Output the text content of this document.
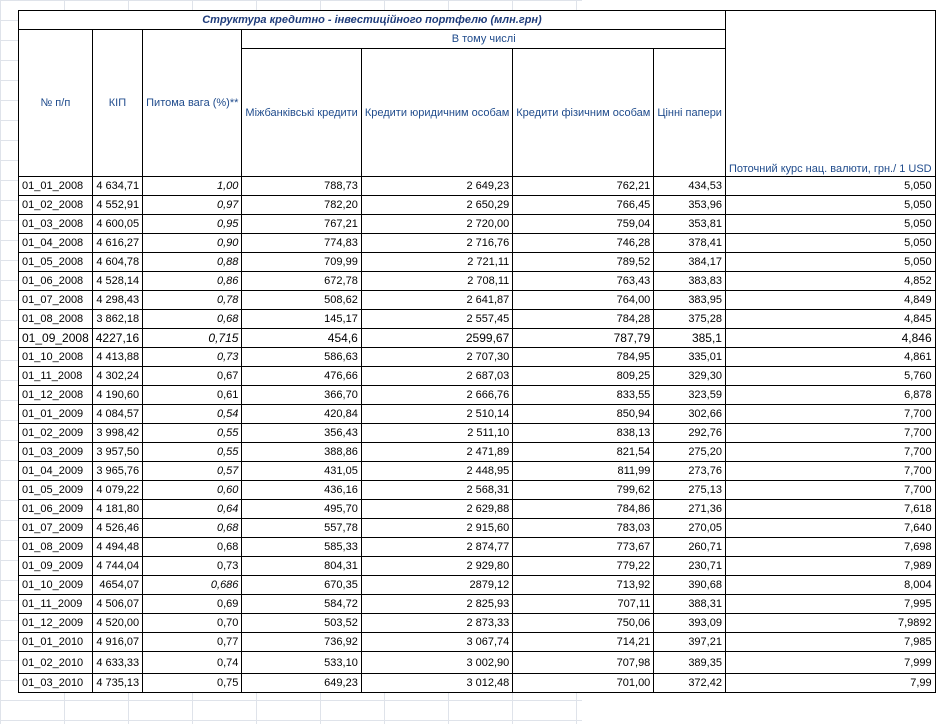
Структура кредитно - інвестиційного портфелю (млн.грн)							Поточний курс нац. валюти, грн./ 1 USD
№ п/п	КІП	Питома вага (%)**	В тому числі				
			Міжбанківські кредити	Кредити юридичним особам	Кредити фізичним особам	Цінні папери	
01_01_2008	4 634,71	1,00	788,73	2 649,23	762,21	434,53	5,050
01_02_2008	4 552,91	0,97	782,20	2 650,29	766,45	353,96	5,050
01_03_2008	4 600,05	0,95	767,21	2 720,00	759,04	353,81	5,050
01_04_2008	4 616,27	0,90	774,83	2 716,76	746,28	378,41	5,050
01_05_2008	4 604,78	0,88	709,99	2 721,11	789,52	384,17	5,050
01_06_2008	4 528,14	0,86	672,78	2 708,11	763,43	383,83	4,852
01_07_2008	4 298,43	0,78	508,62	2 641,87	764,00	383,95	4,849
01_08_2008	3 862,18	0,68	145,17	2 557,45	784,28	375,28	4,845
01_09_2008	4227,16	0,715	454,6	2599,67	787,79	385,1	4,846
01_10_2008	4 413,88	0,73	586,63	2 707,30	784,95	335,01	4,861
01_11_2008	4 302,24	0,67	476,66	2 687,03	809,25	329,30	5,760
01_12_2008	4 190,60	0,61	366,70	2 666,76	833,55	323,59	6,878
01_01_2009	4 084,57	0,54	420,84	2 510,14	850,94	302,66	7,700
01_02_2009	3 998,42	0,55	356,43	2 511,10	838,13	292,76	7,700
01_03_2009	3 957,50	0,55	388,86	2 471,89	821,54	275,20	7,700
01_04_2009	3 965,76	0,57	431,05	2 448,95	811,99	273,76	7,700
01_05_2009	4 079,22	0,60	436,16	2 568,31	799,62	275,13	7,700
01_06_2009	4 181,80	0,64	495,70	2 629,88	784,86	271,36	7,618
01_07_2009	4 526,46	0,68	557,78	2 915,60	783,03	270,05	7,640
01_08_2009	4 494,48	0,68	585,33	2 874,77	773,67	260,71	7,698
01_09_2009	4 744,04	0,73	804,31	2 929,80	779,22	230,71	7,989
01_10_2009	4654,07	0,686	670,35	2879,12	713,92	390,68	8,004
01_11_2009	4 506,07	0,69	584,72	2 825,93	707,11	388,31	7,995
01_12_2009	4 520,00	0,70	503,52	2 873,33	750,06	393,09	7,9892
01_01_2010	4 916,07	0,77	736,92	3 067,74	714,21	397,21	7,985
01_02_2010	4 633,33	0,74	533,10	3 002,90	707,98	389,35	7,999
01_03_2010	4 735,13	0,75	649,23	3 012,48	701,00	372,42	7,99
